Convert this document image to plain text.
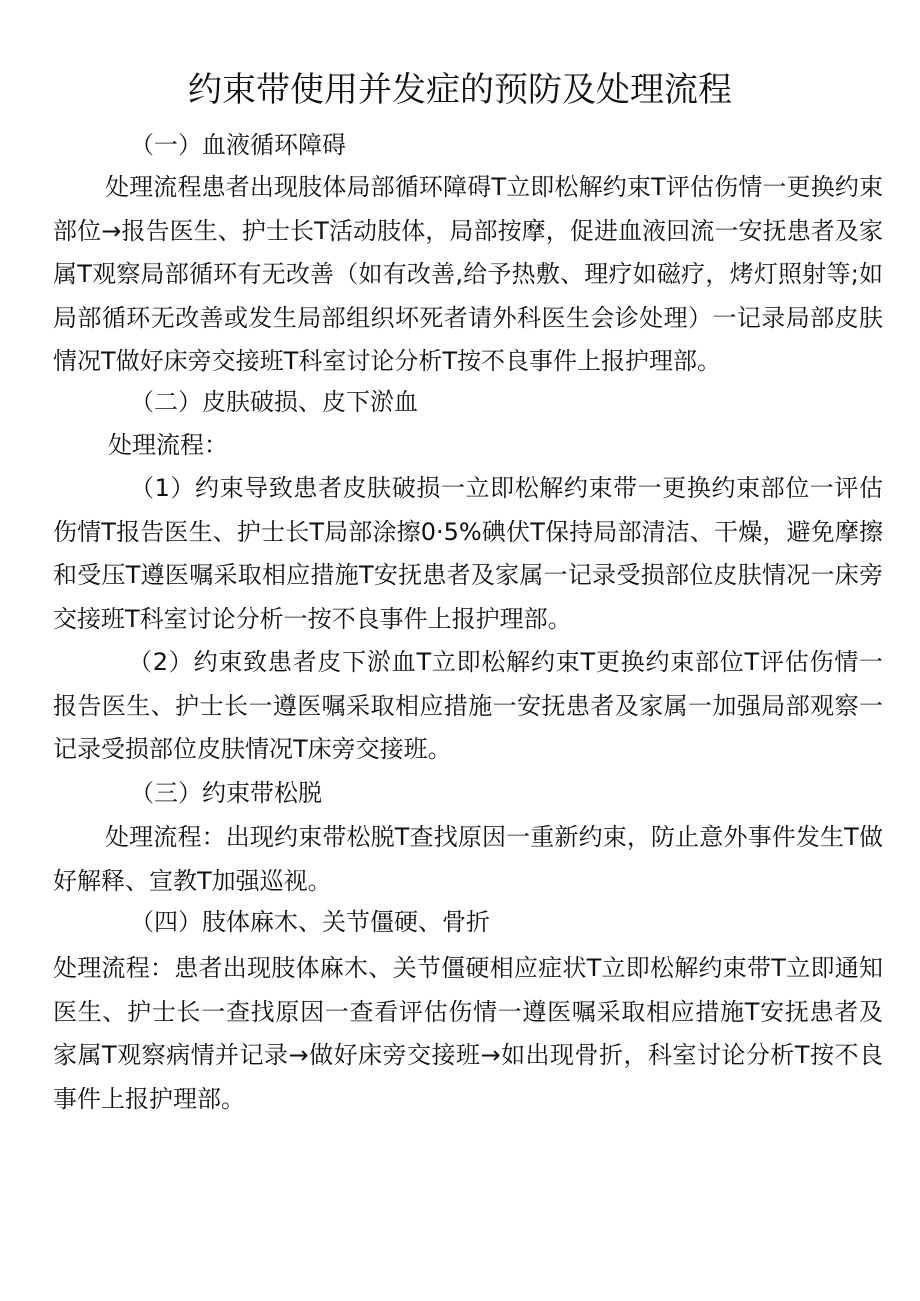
约束带使用并发症的预防及处理流程

（一）血液循环障碍

处理流程患者出现肢体局部循环障碍T立即松解约束T评估伤情一更换约束部位→报告医生、护士长T活动肢体，局部按摩，促进血液回流一安抚患者及家属T观察局部循环有无改善（如有改善,给予热敷、理疗如磁疗，烤灯照射等;如局部循环无改善或发生局部组织坏死者请外科医生会诊处理）一记录局部皮肤情况T做好床旁交接班T科室讨论分析T按不良事件上报护理部。

（二）皮肤破损、皮下淤血

处理流程：

（1）约束导致患者皮肤破损一立即松解约束带一更换约束部位一评估伤情T报告医生、护士长T局部涂擦0·5%碘伏T保持局部清洁、干燥，避免摩擦和受压T遵医嘱采取相应措施T安抚患者及家属一记录受损部位皮肤情况一床旁交接班T科室讨论分析一按不良事件上报护理部。

（2）约束致患者皮下淤血T立即松解约束T更换约束部位T评估伤情一报告医生、护士长一遵医嘱采取相应措施一安抚患者及家属一加强局部观察一记录受损部位皮肤情况T床旁交接班。

（三）约束带松脱

处理流程：出现约束带松脱T查找原因一重新约束，防止意外事件发生T做好解释、宣教T加强巡视。

（四）肢体麻木、关节僵硬、骨折

处理流程：患者出现肢体麻木、关节僵硬相应症状T立即松解约束带T立即通知医生、护士长一查找原因一查看评估伤情一遵医嘱采取相应措施T安抚患者及家属T观察病情并记录→做好床旁交接班→如出现骨折，科室讨论分析T按不良事件上报护理部。
